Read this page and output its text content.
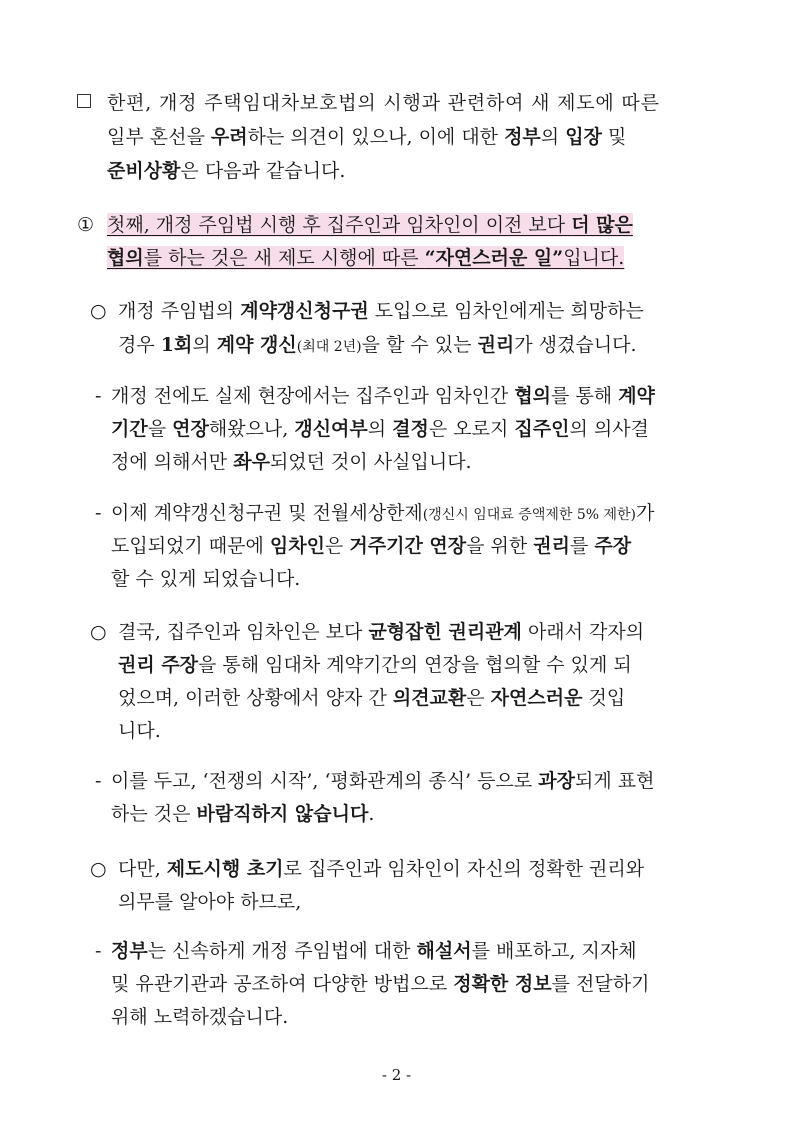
한편, 개정 주택임대차보호법의 시행과 관련하여 새 제도에 따른
일부 혼선을 우려하는 의견이 있으나, 이에 대한 정부의 입장 및
준비상황은 다음과 같습니다.
① 첫째, 개정 주임법 시행 후 집주인과 임차인이 이전 보다 더 많은
협의를 하는 것은 새 제도 시행에 따른 “자연스러운 일”입니다.
○ 개정 주임법의 계약갱신청구권 도입으로 임차인에게는 희망하는
경우 1회의 계약 갱신(최대 2년)을 할 수 있는 권리가 생겼습니다.
- 개정 전에도 실제 현장에서는 집주인과 임차인간 협의를 통해 계약
기간을 연장해왔으나, 갱신여부의 결정은 오로지 집주인의 의사결
정에 의해서만 좌우되었던 것이 사실입니다.
- 이제 계약갱신청구권 및 전월세상한제(갱신시 임대료 증액제한 5% 제한)가
도입되었기 때문에 임차인은 거주기간 연장을 위한 권리를 주장
할 수 있게 되었습니다.
○ 결국, 집주인과 임차인은 보다 균형잡힌 권리관계 아래서 각자의
권리 주장을 통해 임대차 계약기간의 연장을 협의할 수 있게 되
었으며, 이러한 상황에서 양자 간 의견교환은 자연스러운 것입
니다.
- 이를 두고, ‘전쟁의 시작’, ‘평화관계의 종식’ 등으로 과장되게 표현
하는 것은 바람직하지 않습니다.
○ 다만, 제도시행 초기로 집주인과 임차인이 자신의 정확한 권리와
의무를 알아야 하므로,
- 정부는 신속하게 개정 주임법에 대한 해설서를 배포하고, 지자체
및 유관기관과 공조하여 다양한 방법으로 정확한 정보를 전달하기
위해 노력하겠습니다.
- 2 -
